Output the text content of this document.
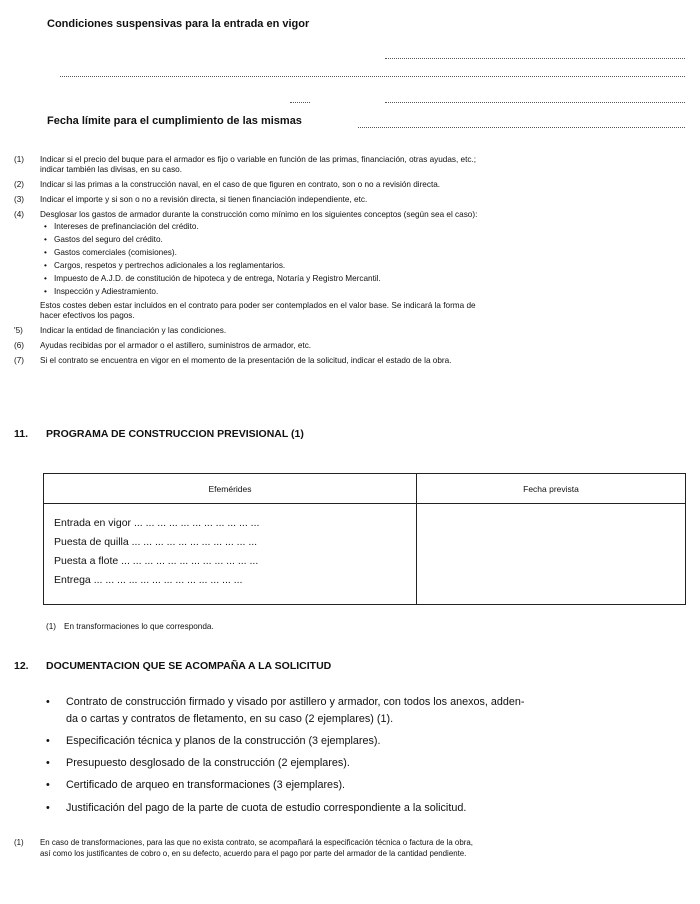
Condiciones suspensivas para la entrada en vigor
Fecha límite para el cumplimiento de las mismas
(1) Indicar si el precio del buque para el armador es fijo o variable en función de las primas, financiación, otras ayudas, etc.;
indicar también las divisas, en su caso.
(2) Indicar si las primas a la construcción naval, en el caso de que figuren en contrato, son o no a revisión directa.
(3) Indicar el importe y si son o no a revisión directa, si tienen financiación independiente, etc.
(4) Desglosar los gastos de armador durante la construcción como mínimo en los siguientes conceptos (según sea el caso):
• Intereses de prefinanciación del crédito.
• Gastos del seguro del crédito.
• Gastos comerciales (comisiones).
• Cargos, respetos y pertrechos adicionales a los reglamentarios.
• Impuesto de A.J.D. de constitución de hipoteca y de entrega, Notaría y Registro Mercantil.
• Inspección y Adiestramiento.
Estos costes deben estar incluidos en el contrato para poder ser contemplados en el valor base. Se indicará la forma de
hacer efectivos los pagos.
'5) Indicar la entidad de financiación y las condiciones.
(6) Ayudas recibidas por el armador o el astillero, suministros de armador, etc.
(7) Si el contrato se encuentra en vigor en el momento de la presentación de la solicitud, indicar el estado de la obra.
11. PROGRAMA DE CONSTRUCCION PREVISIONAL (1)
Efemérides	Fecha prevista

Entrada en vigor ... ... ... ... ... ... ... ... ... ... ...
Puesta de quilla ... ... ... ... ... ... ... ... ... ... ...
Puesta a flote ... ... ... ... ... ... ... ... ... ... ... ...
Entrega ... ... ... ... ... ... ... ... ... ... ... ... ...	

(1) En transformaciones lo que corresponda.
12. DOCUMENTACION QUE SE ACOMPAÑA A LA SOLICITUD
• Contrato de construcción firmado y visado por astillero y armador, con todos los anexos, adden-
da o cartas y contratos de fletamento, en su caso (2 ejemplares) (1).
• Especificación técnica y planos de la construcción (3 ejemplares).
• Presupuesto desglosado de la construcción (2 ejemplares).
• Certificado de arqueo en transformaciones (3 ejemplares).
• Justificación del pago de la parte de cuota de estudio correspondiente a la solicitud.
(1) En caso de transformaciones, para las que no exista contrato, se acompañará la especificación técnica o factura de la obra,
así como los justificantes de cobro o, en su defecto, acuerdo para el pago por parte del armador de la cantidad pendiente.
